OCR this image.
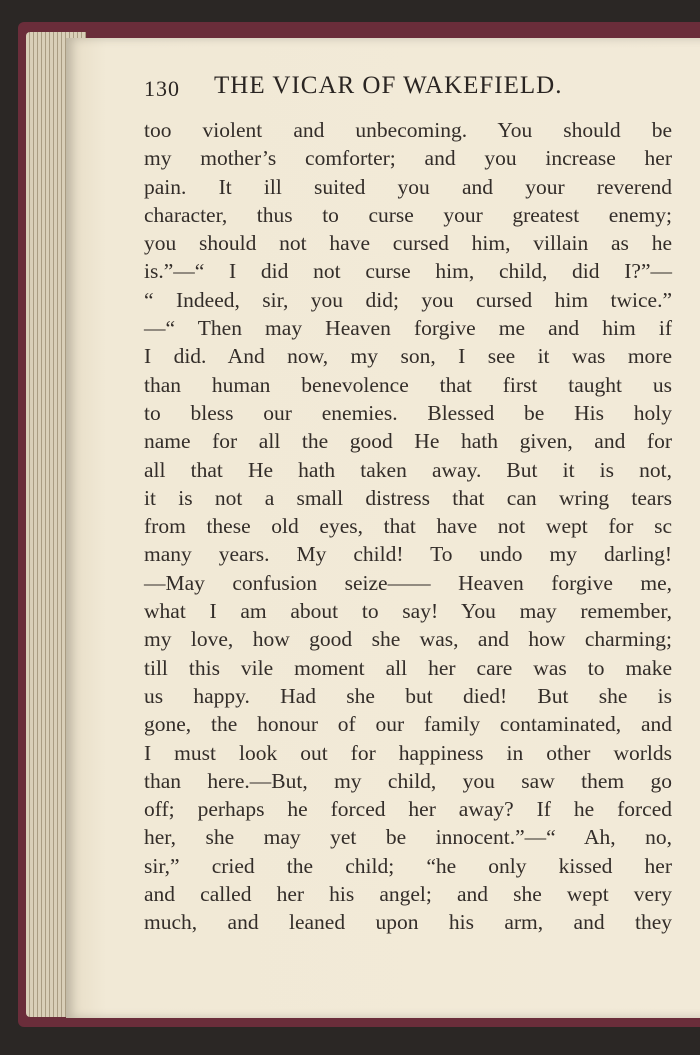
130 THE VICAR OF WAKEFIELD.
too violent and unbecoming. You should be
my mother’s comforter; and you increase her
pain. It ill suited you and your reverend
character, thus to curse your greatest enemy;
you should not have cursed him, villain as he
is.”—“ I did not curse him, child, did I?”—
“ Indeed, sir, you did; you cursed him twice.”
—“ Then may Heaven forgive me and him if
I did. And now, my son, I see it was more
than human benevolence that first taught us
to bless our enemies. Blessed be His holy
name for all the good He hath given, and for
all that He hath taken away. But it is not,
it is not a small distress that can wring tears
from these old eyes, that have not wept for sc
many years. My child! To undo my darling!
—May confusion seize—— Heaven forgive me,
what I am about to say! You may remember,
my love, how good she was, and how charming;
till this vile moment all her care was to make
us happy. Had she but died! But she is
gone, the honour of our family contaminated, and
I must look out for happiness in other worlds
than here.—But, my child, you saw them go
off; perhaps he forced her away? If he forced
her, she may yet be innocent.”—“ Ah, no,
sir,” cried the child; “he only kissed her
and called her his angel; and she wept very
much, and leaned upon his arm, and they
